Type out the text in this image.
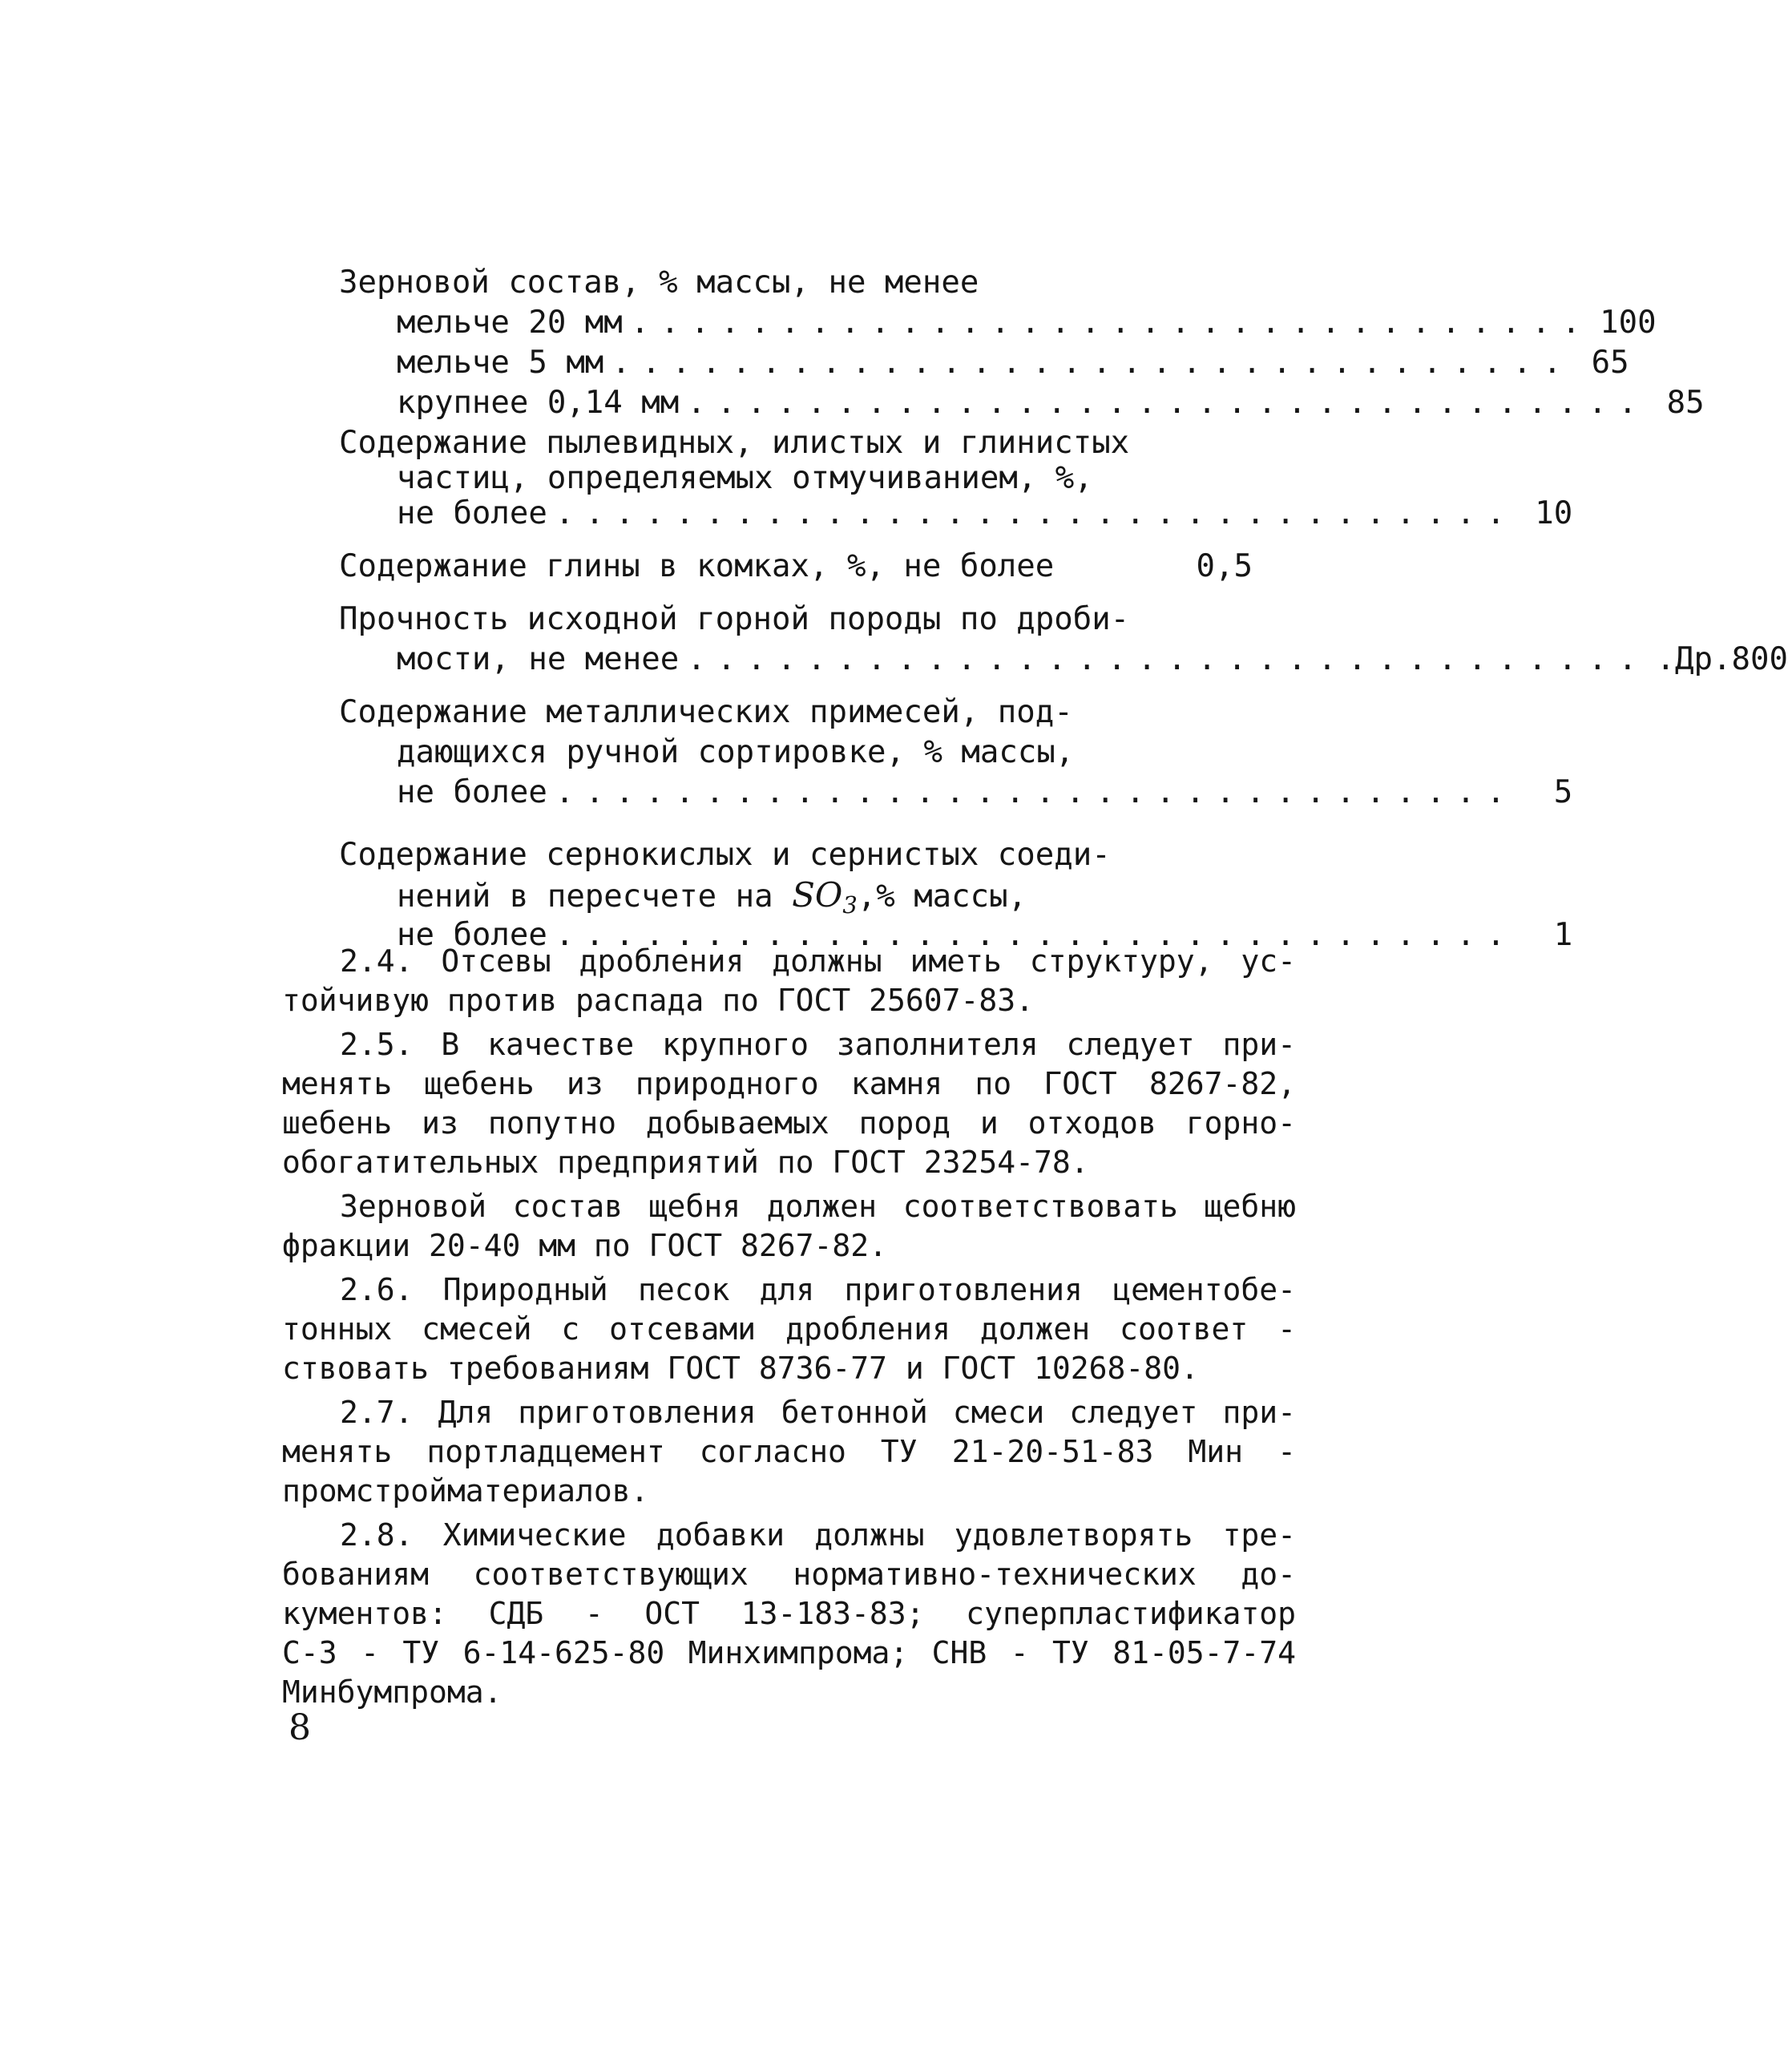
Зерновой состав, % массы, не менее
мельче 20 мм ................................ 100
мельче 5 мм ................................ 65
крупнее 0,14 мм ................................ 85
Содержание пылевидных, илистых и глинистых
частиц, определяемых отмучиванием, %,
не более ................................ 10
Содержание глины в комках, %, не более	0,5
Прочность исходной горной породы по дроби-
мости, не менее ................................ .Др.800
Содержание металлических примесей, под-
дающихся ручной сортировке, % массы,
не более ................................	5
Содержание сернокислых и сернистых соеди-
нений в пересчете на $SO_3,\%$ массы,
не более ................................	1

2.4. Отсевы дробления должны иметь структуру, ус-
тойчивую против распада по ГОСТ 25607-83.

2.5. В качестве крупного заполнителя следует при-
менять щебень из природного камня по ГОСТ 8267-82,
шебень из попутно добываемых пород и отходов горно-
обогатительных предприятий по ГОСТ 23254-78.

Зерновой состав щебня должен соответствовать щебню
фракции 20-40 мм по ГОСТ 8267-82.

2.6. Природный песок для приготовления цементобе-
тонных смесей с отсевами дробления должен соответ -
ствовать требованиям ГОСТ 8736-77 и ГОСТ 10268-80.

2.7. Для приготовления бетонной смеси следует при-
менять портладцемент согласно ТУ 21-20-51-83 Мин -
промстройматериалов.

2.8. Химические добавки должны удовлетворять тре-
бованиям соответствующих нормативно-технических до-
кументов: СДБ - ОСТ 13-183-83; суперпластификатор
С-3 - ТУ 6-14-625-80 Минхимпрома; СНВ - ТУ 81-05-7-74
Минбумпрома.

8
